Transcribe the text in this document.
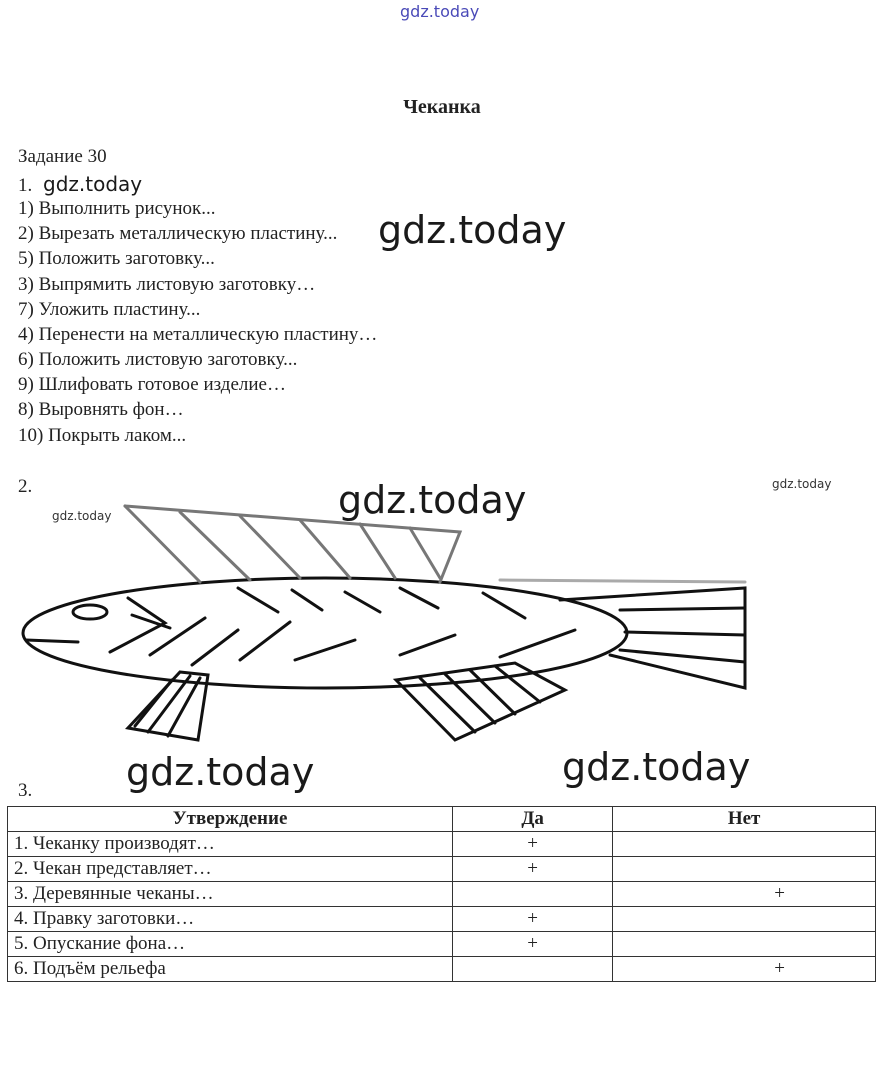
gdz.today
gdz.today
gdz.today
gdz.today	gdz.today
gdz.today
gdz.today
Чеканка
Задание 30
1. gdz.today
1) Выполнить рисунок...
2) Вырезать металлическую пластину...
5) Положить заготовку...
3) Выпрямить листовую заготовку…
7) Уложить пластину...
4) Перенести на металлическую пластину…
6) Положить листовую заготовку...
9) Шлифовать готовое изделие…
8) Выровнять фон…
10) Покрыть лаком...
2.
3.
Утверждение	Да	Нет
1. Чеканку производят…	+	
2. Чекан представляет…	+	
3. Деревянные чеканы…		+
4. Правку заготовки…	+	
5. Опускание фона…	+	
6. Подъём рельефа		+
